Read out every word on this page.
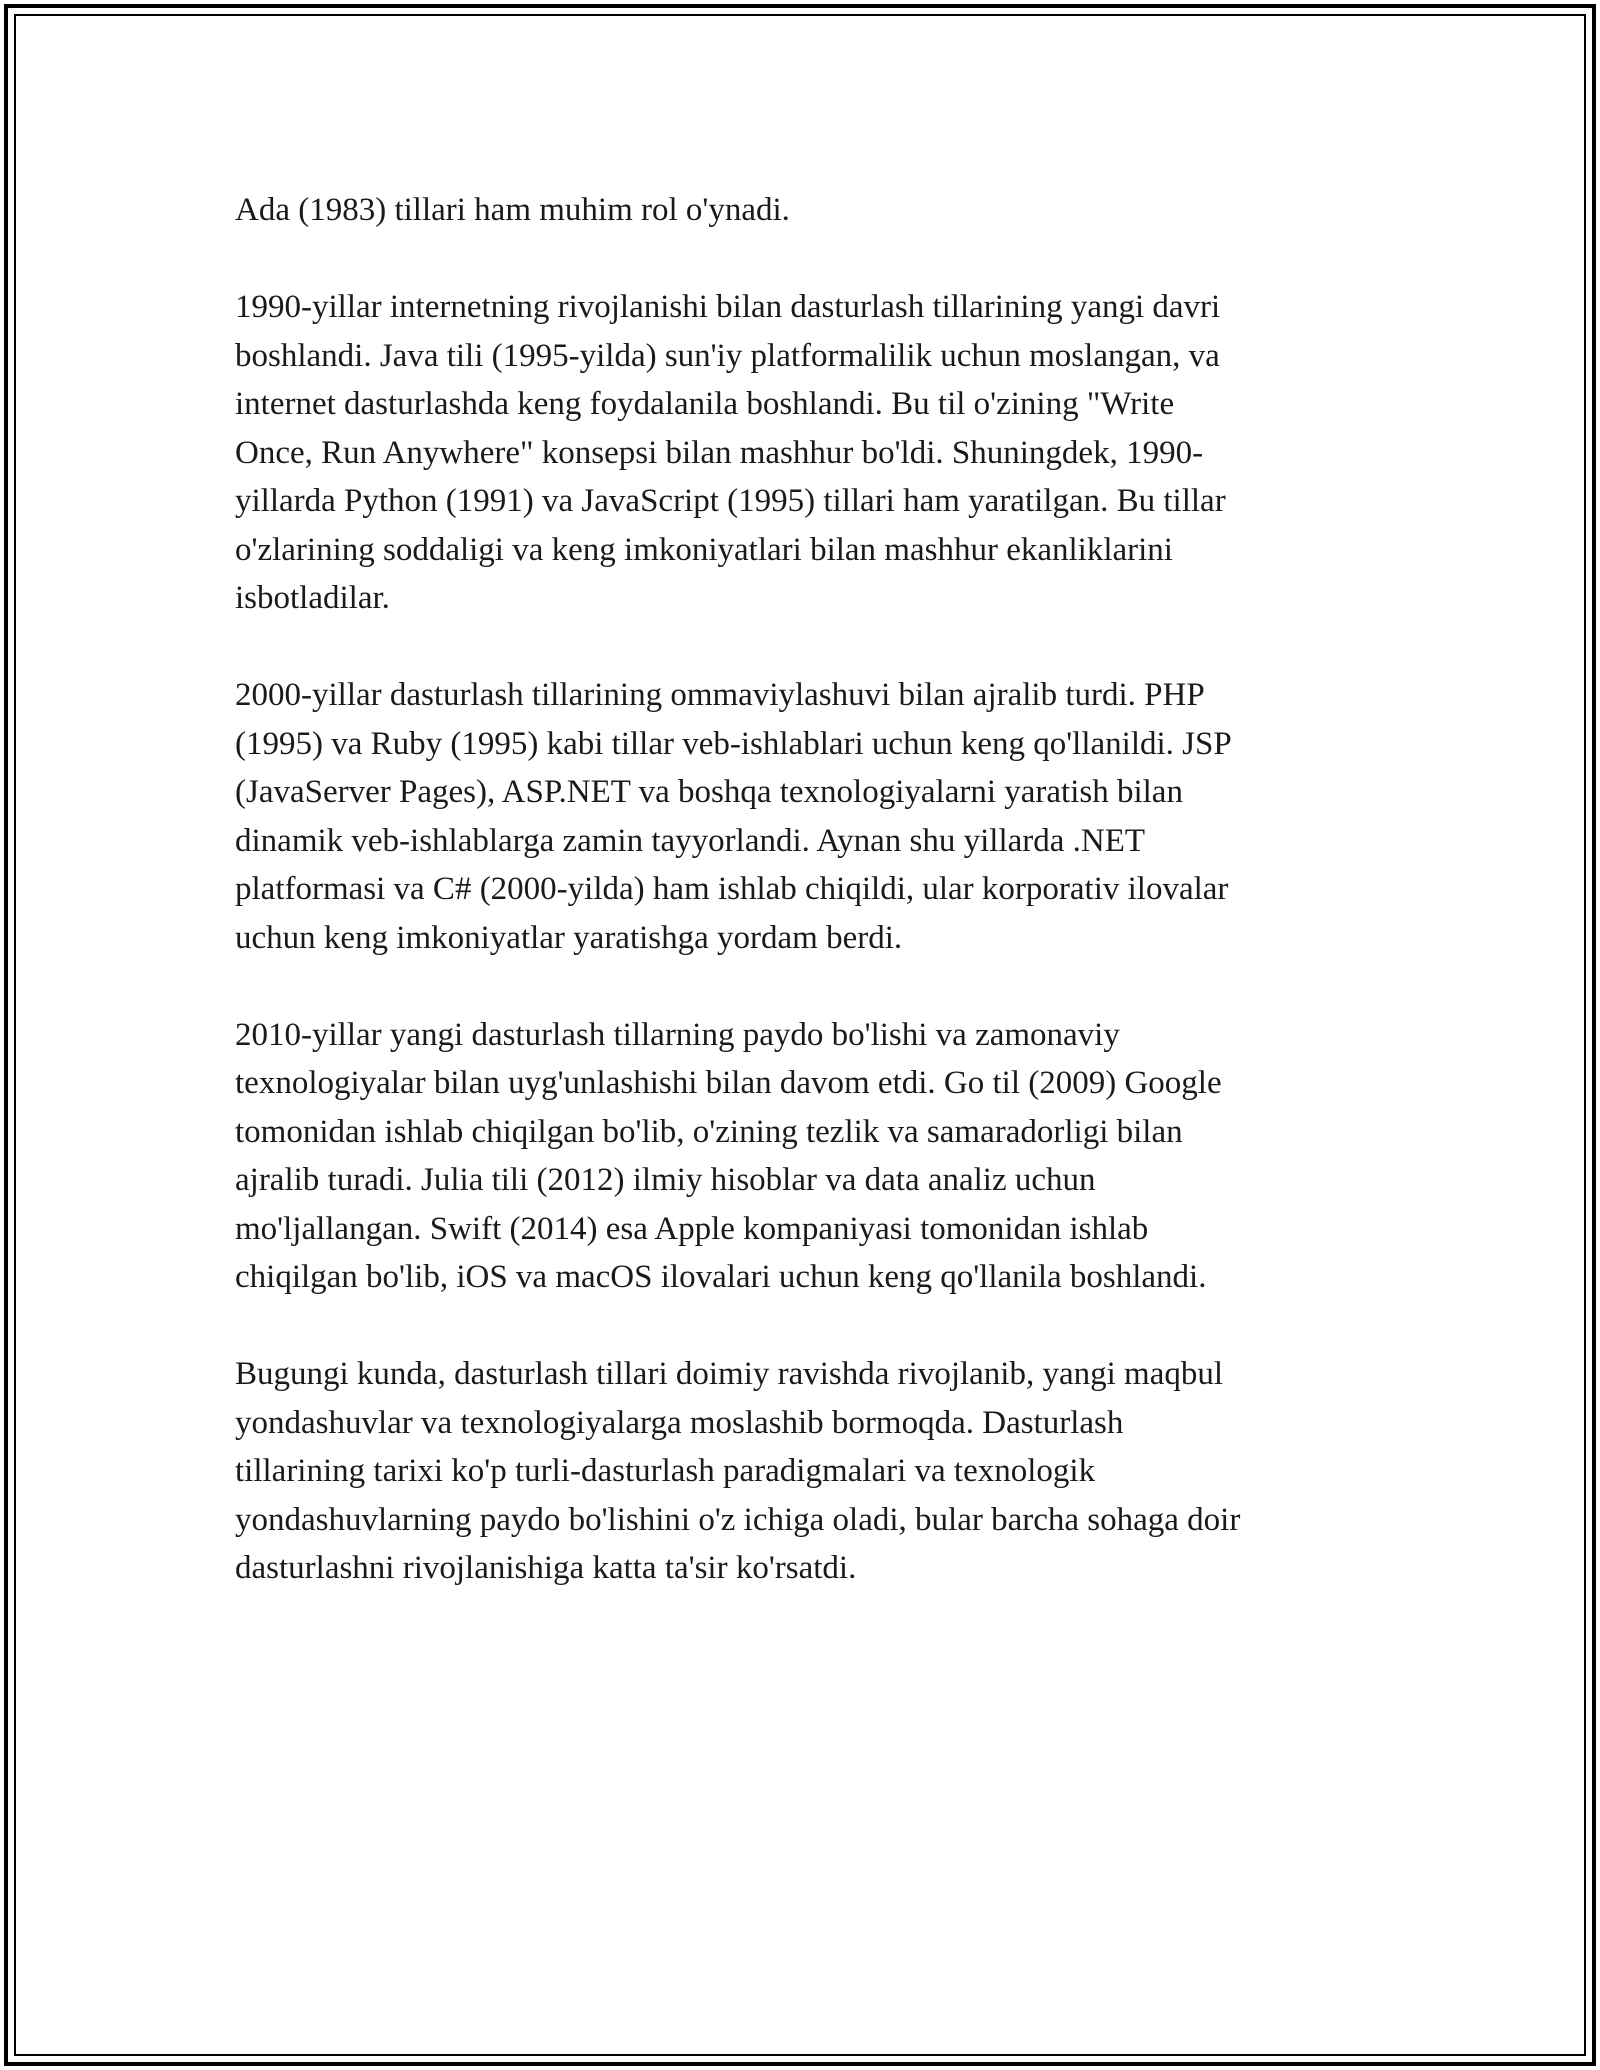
Ada (1983) tillari ham muhim rol o'ynadi.

1990-yillar internetning rivojlanishi bilan dasturlash tillarining yangi davri
boshlandi. Java tili (1995-yilda) sun'iy platformalilik uchun moslangan, va
internet dasturlashda keng foydalanila boshlandi. Bu til o'zining "Write
Once, Run Anywhere" konsepsi bilan mashhur bo'ldi. Shuningdek, 1990-
yillarda Python (1991) va JavaScript (1995) tillari ham yaratilgan. Bu tillar
o'zlarining soddaligi va keng imkoniyatlari bilan mashhur ekanliklarini
isbotladilar.

2000-yillar dasturlash tillarining ommaviylashuvi bilan ajralib turdi. PHP
(1995) va Ruby (1995) kabi tillar veb-ishlablari uchun keng qo'llanildi. JSP
(JavaServer Pages), ASP.NET va boshqa texnologiyalarni yaratish bilan
dinamik veb-ishlablarga zamin tayyorlandi. Aynan shu yillarda .NET
platformasi va C# (2000-yilda) ham ishlab chiqildi, ular korporativ ilovalar
uchun keng imkoniyatlar yaratishga yordam berdi.

2010-yillar yangi dasturlash tillarning paydo bo'lishi va zamonaviy
texnologiyalar bilan uyg'unlashishi bilan davom etdi. Go til (2009) Google
tomonidan ishlab chiqilgan bo'lib, o'zining tezlik va samaradorligi bilan
ajralib turadi. Julia tili (2012) ilmiy hisoblar va data analiz uchun
mo'ljallangan. Swift (2014) esa Apple kompaniyasi tomonidan ishlab
chiqilgan bo'lib, iOS va macOS ilovalari uchun keng qo'llanila boshlandi.

Bugungi kunda, dasturlash tillari doimiy ravishda rivojlanib, yangi maqbul
yondashuvlar va texnologiyalarga moslashib bormoqda. Dasturlash
tillarining tarixi ko'p turli-dasturlash paradigmalari va texnologik
yondashuvlarning paydo bo'lishini o'z ichiga oladi, bular barcha sohaga doir
dasturlashni rivojlanishiga katta ta'sir ko'rsatdi.
